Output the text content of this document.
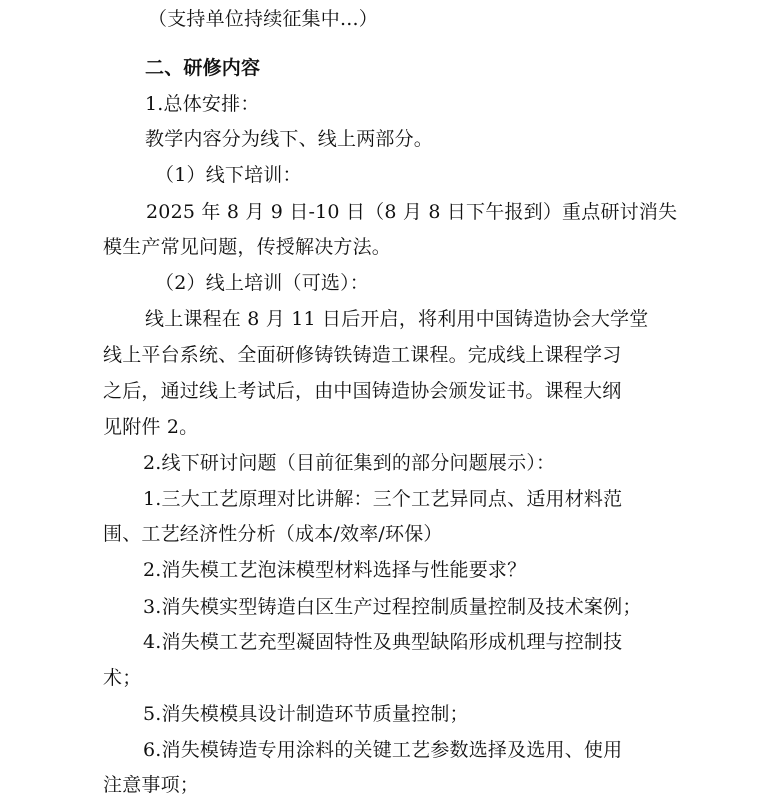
（支持单位持续征集中...）
二、研修内容
1.总体安排：
教学内容分为线下、线上两部分。
（1）线下培训：
2025 年 8 月 9 日-10 日（8 月 8 日下午报到）重点研讨消失
模生产常见问题，传授解决方法。
（2）线上培训（可选）：
线上课程在 8 月 11 日后开启，将利用中国铸造协会大学堂
线上平台系统、全面研修铸铁铸造工课程。完成线上课程学习
之后，通过线上考试后，由中国铸造协会颁发证书。课程大纲
见附件 2。
2.线下研讨问题（目前征集到的部分问题展示）：
1.三大工艺原理对比讲解：三个工艺异同点、适用材料范
围、工艺经济性分析（成本/效率/环保）
2.消失模工艺泡沫模型材料选择与性能要求？
3.消失模实型铸造白区生产过程控制质量控制及技术案例；
4.消失模工艺充型凝固特性及典型缺陷形成机理与控制技
术；
5.消失模模具设计制造环节质量控制；
6.消失模铸造专用涂料的关键工艺参数选择及选用、使用
注意事项；
